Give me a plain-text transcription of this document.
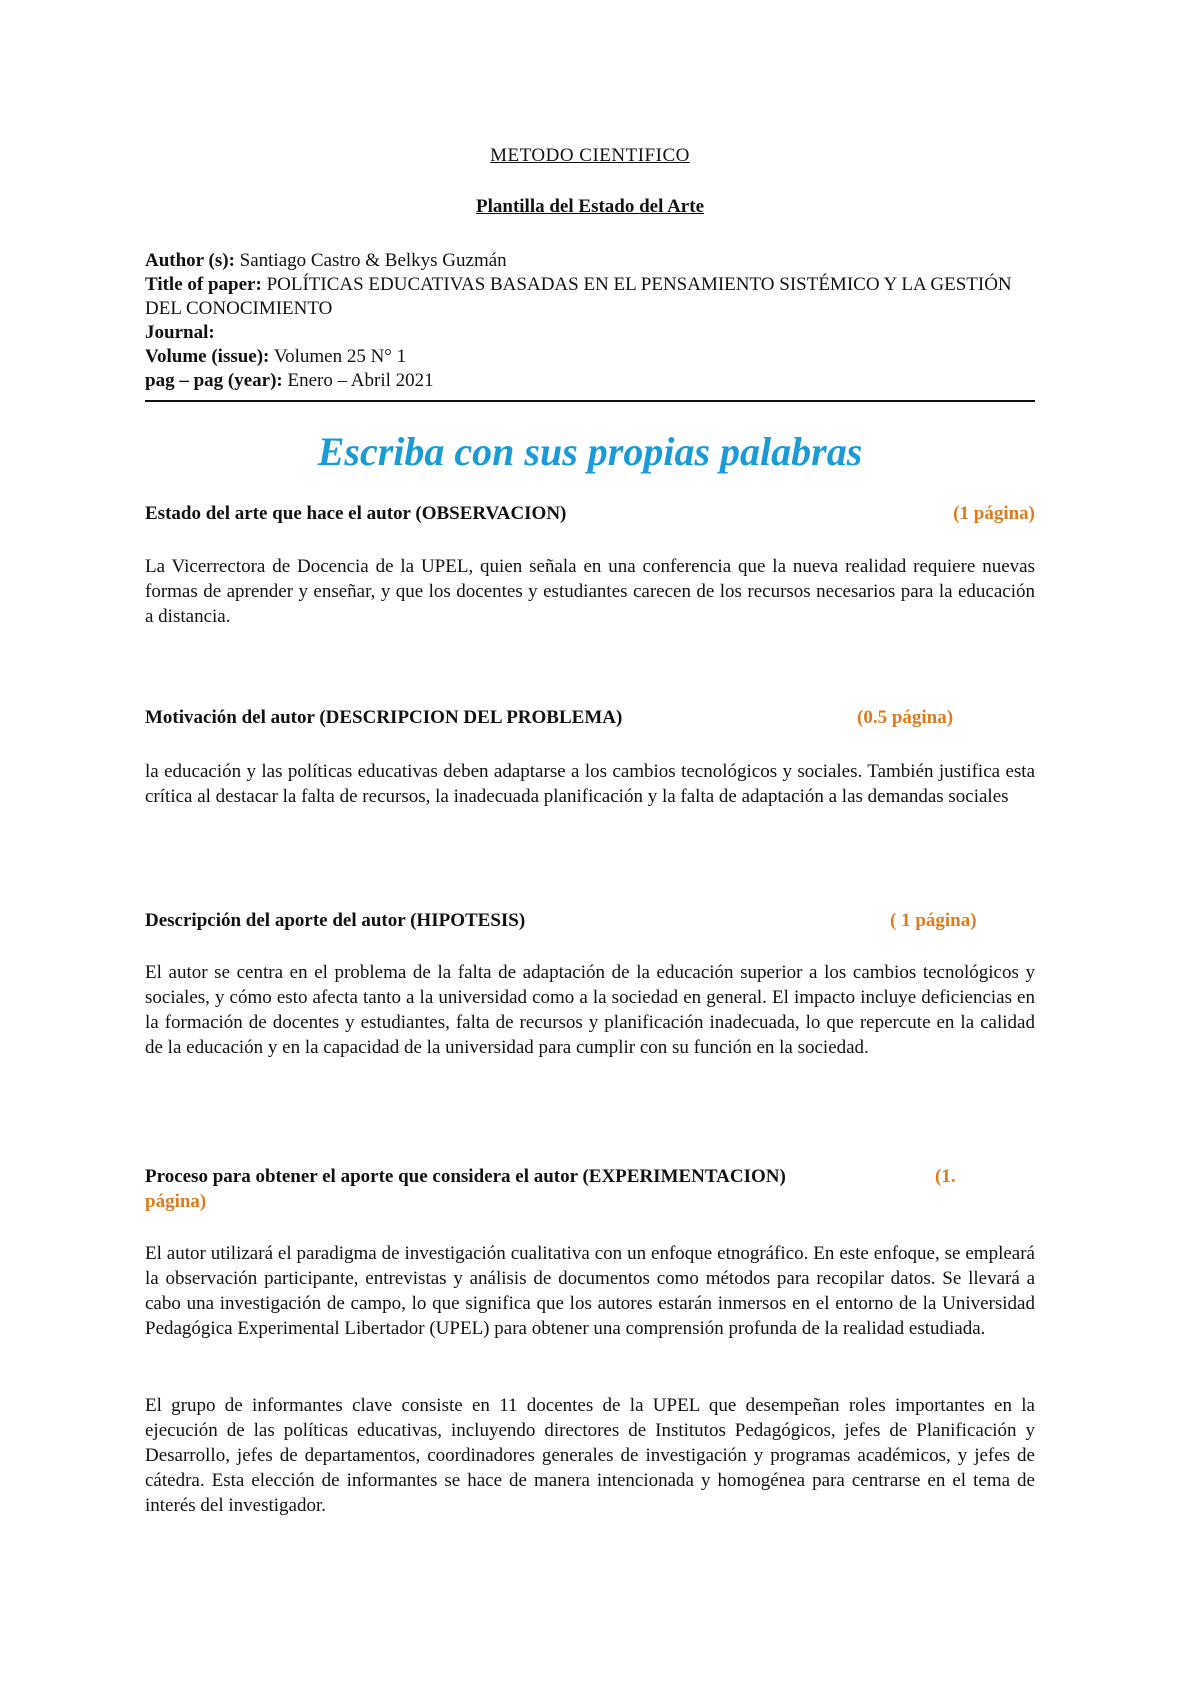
METODO CIENTIFICO
Plantilla del Estado del Arte
Author (s): Santiago Castro & Belkys Guzmán
Title of paper: POLÍTICAS EDUCATIVAS BASADAS EN EL PENSAMIENTO SISTÉMICO Y LA GESTIÓN DEL CONOCIMIENTO
Journal:
Volume (issue): Volumen 25 N° 1
pag – pag (year): Enero – Abril 2021
Escriba con sus propias palabras
Estado del arte que hace el autor (OBSERVACION)	(1 página)

La Vicerrectora de Docencia de la UPEL, quien señala en una conferencia que la nueva realidad requiere nuevas formas de aprender y enseñar, y que los docentes y estudiantes carecen de los recursos necesarios para la educación a distancia.

Motivación del autor (DESCRIPCION DEL PROBLEMA)	(0.5 página)

la educación y las políticas educativas deben adaptarse a los cambios tecnológicos y sociales. También justifica esta crítica al destacar la falta de recursos, la inadecuada planificación y la falta de adaptación a las demandas sociales

Descripción del aporte del autor (HIPOTESIS)	( 1 página)

El autor se centra en el problema de la falta de adaptación de la educación superior a los cambios tecnológicos y sociales, y cómo esto afecta tanto a la universidad como a la sociedad en general. El impacto incluye deficiencias en la formación de docentes y estudiantes, falta de recursos y planificación inadecuada, lo que repercute en la calidad de la educación y en la capacidad de la universidad para cumplir con su función en la sociedad.

Proceso para obtener el aporte que considera el autor (EXPERIMENTACION)	(1.
página)

El autor utilizará el paradigma de investigación cualitativa con un enfoque etnográfico. En este enfoque, se empleará la observación participante, entrevistas y análisis de documentos como métodos para recopilar datos. Se llevará a cabo una investigación de campo, lo que significa que los autores estarán inmersos en el entorno de la Universidad Pedagógica Experimental Libertador (UPEL) para obtener una comprensión profunda de la realidad estudiada.

El grupo de informantes clave consiste en 11 docentes de la UPEL que desempeñan roles importantes en la ejecución de las políticas educativas, incluyendo directores de Institutos Pedagógicos, jefes de Planificación y Desarrollo, jefes de departamentos, coordinadores generales de investigación y programas académicos, y jefes de cátedra. Esta elección de informantes se hace de manera intencionada y homogénea para centrarse en el tema de interés del investigador.
